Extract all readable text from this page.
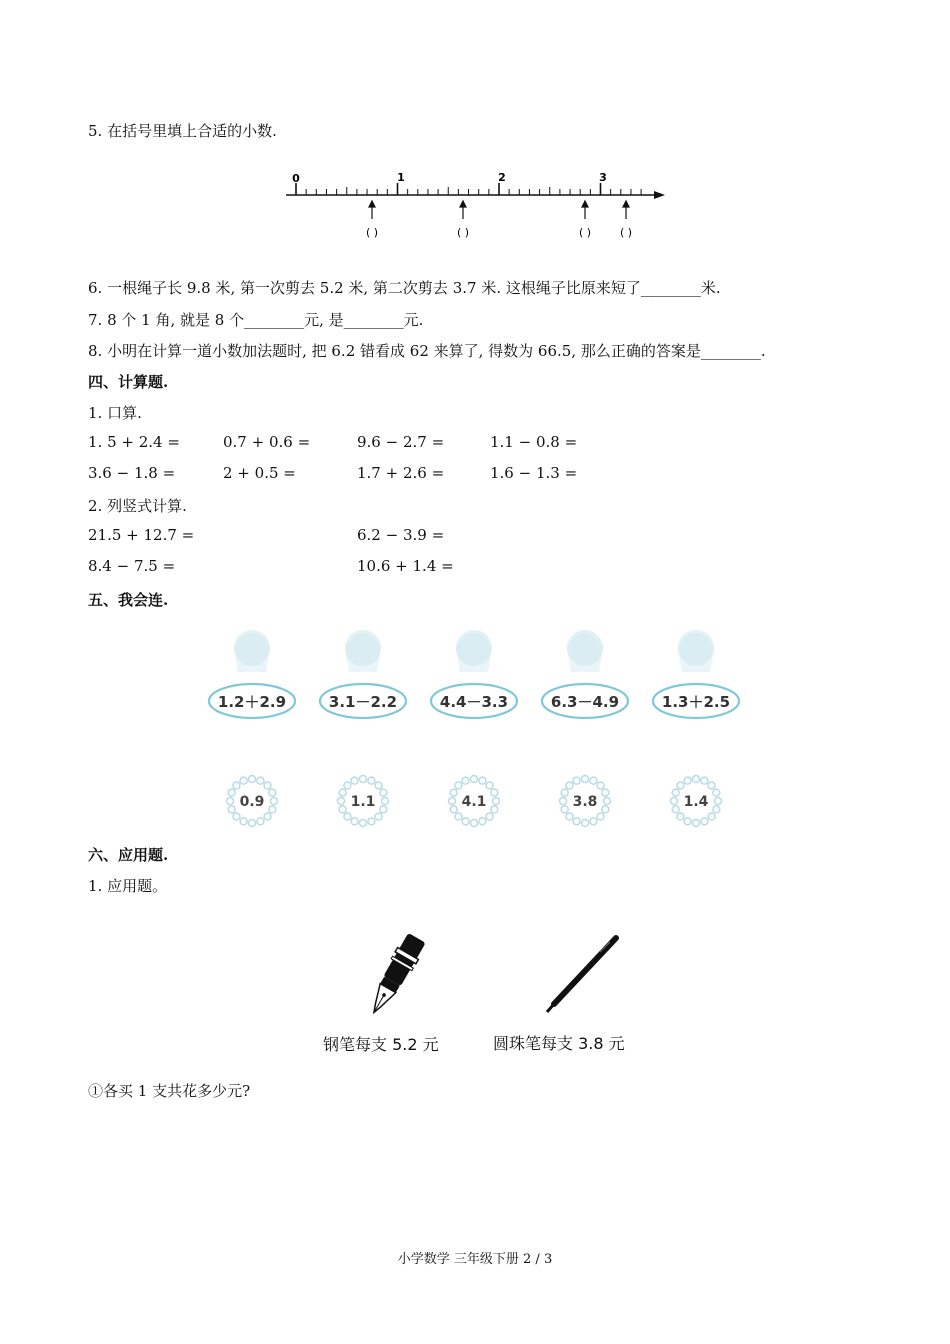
5. 在括号里填上合适的小数.
0	1	2	3
( )	( )	( )	( )
6. 一根绳子长 9.8 米, 第一次剪去 5.2 米, 第二次剪去 3.7 米. 这根绳子比原来短了________米.
7. 8 个 1 角, 就是 8 个________元, 是________元.
8. 小明在计算一道小数加法题时, 把 6.2 错看成 62 来算了, 得数为 66.5, 那么正确的答案是________.
四、计算题.
1. 口算.
1. 5 + 2.4 =	0.7 + 0.6 =	9.6 − 2.7 =	1.1 − 0.8 =
3.6 − 1.8 =	2 + 0.5 =	1.7 + 2.6 =	1.6 − 1.3 =
2. 列竖式计算.
21.5 + 12.7 =	6.2 − 3.9 =
8.4 − 7.5 =	10.6 + 1.4 =
五、我会连.
1.2＋2.9	3.1－2.2	4.4－3.3	6.3－4.9	1.3＋2.5
0.9	1.1	4.1	3.8	1.4
六、应用题.
1. 应用题。
钢笔每支 5.2 元	圆珠笔每支 3.8 元
①各买 1 支共花多少元?
小学数学 三年级下册 2 / 3
